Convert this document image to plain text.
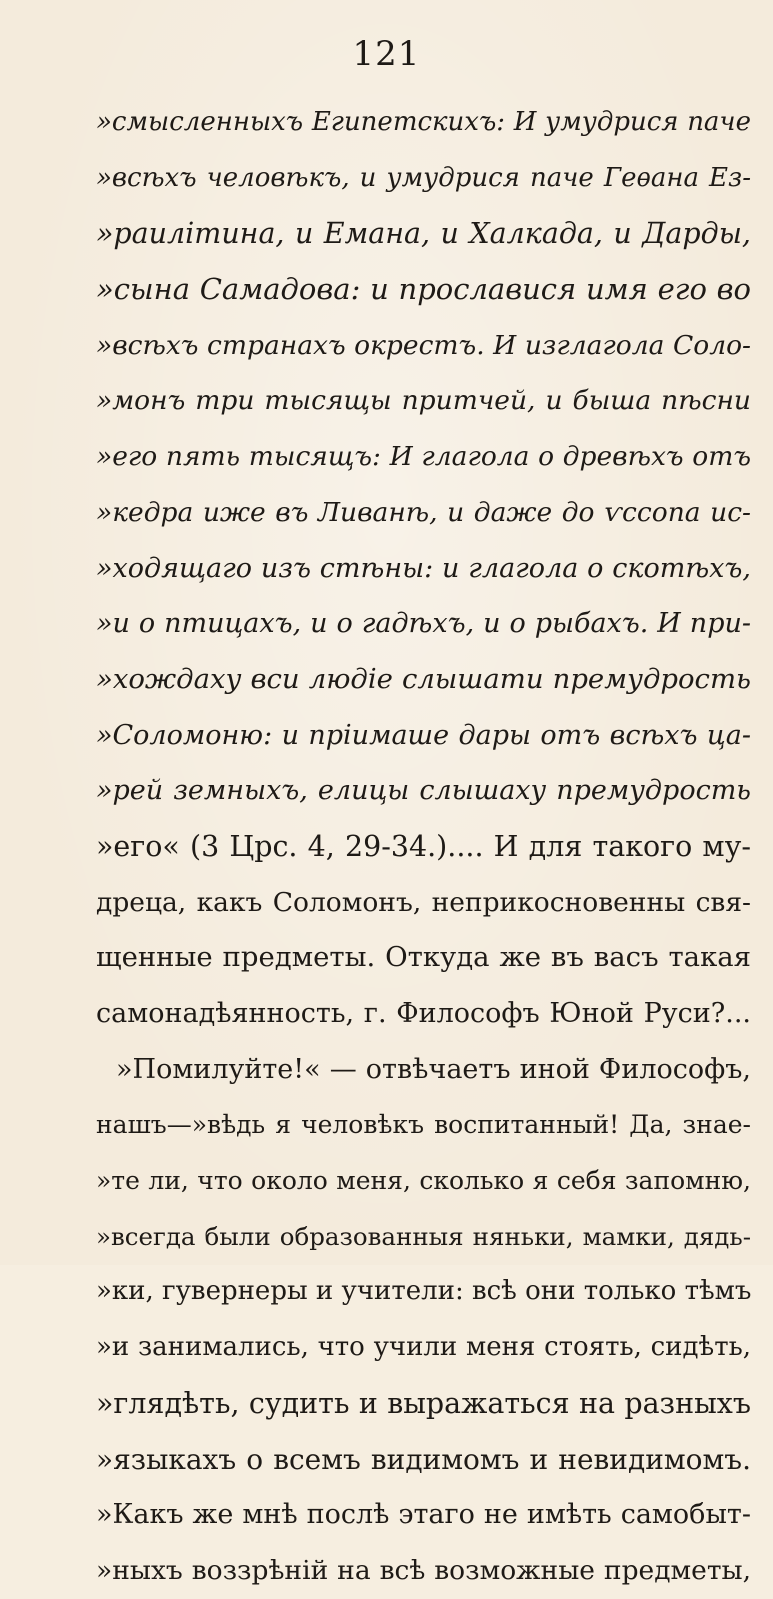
121
»смысленныхъ Египетскихъ: И умудрися паче
»всѣхъ человѣкъ, и умудрися паче Геѳана Ез-
»раилітина, и Емана, и Халкада, и Дарды,
»сына Самадова: и прославися имя его во
»всѣхъ странахъ окрестъ. И изглагола Соло-
»монъ три тысящы притчей, и быша пѣсни
»его пять тысящъ: И глагола о древѣхъ отъ
»кедра иже въ Ливанѣ, и даже до ѵссопа ис-
»ходящаго изъ стѣны: и глагола о скотѣхъ,
»и о птицахъ, и о гадѣхъ, и о рыбахъ. И при-
»хождаху вси людіе слышати премудрость
»Соломоню: и пріимаше дары отъ всѣхъ ца-
»рей земныхъ, елицы слышаху премудрость
»его« (3 Црс. 4, 29-34.).... И для такого му-
дреца, какъ Соломонъ, неприкосновенны свя-
щенные предметы. Откуда же въ васъ такая
самонадѣянность, г. Философъ Юной Руси?...
»Помилуйте!« — отвѣчаетъ иной Философъ,
нашъ—»вѣдь я человѣкъ воспитанный! Да, знае-
»те ли, что около меня, сколько я себя запомню,
»всегда были образованныя няньки, мамки, дядь-
»ки, гувернеры и учители: всѣ они только тѣмъ
»и занимались, что учили меня стоять, сидѣть,
»глядѣть, судить и выражаться на разныхъ
»языкахъ о всемъ видимомъ и невидимомъ.
»Какъ же мнѣ послѣ этаго не имѣть самобыт-
»ныхъ воззрѣній на всѣ возможные предметы,
